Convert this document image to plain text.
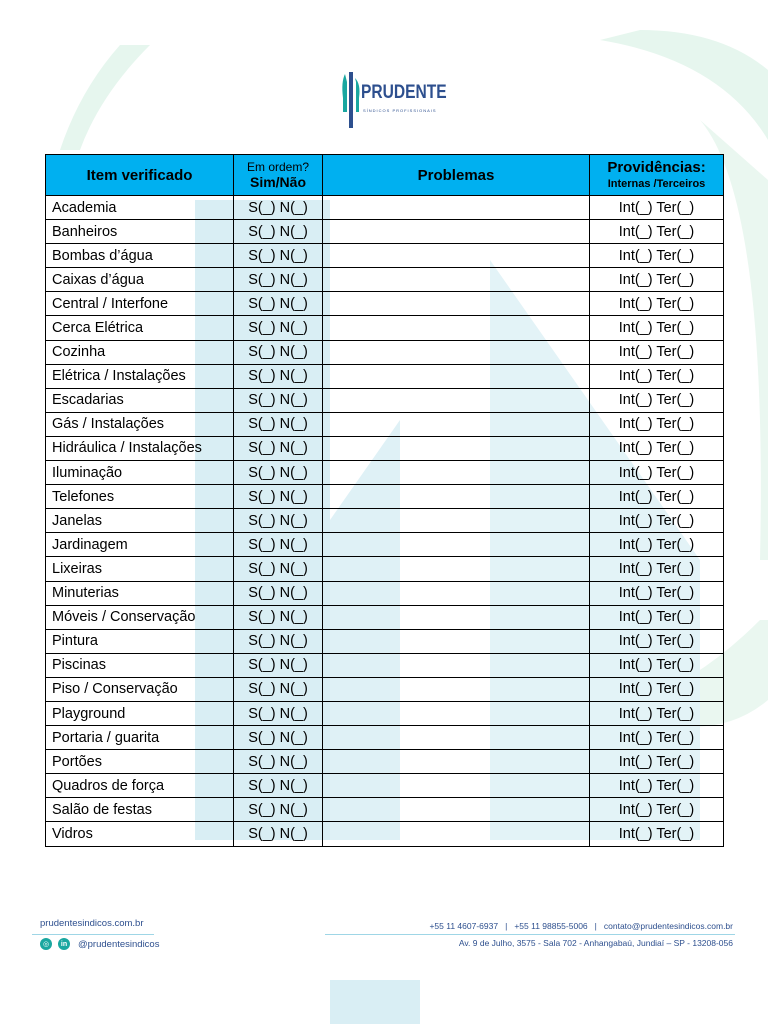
PRUDENTE
SÍNDICOS PROFISSIONAIS
Item verificado	Em ordem?
Sim/Não	Problemas	Providências:
Internas /Terceiros

Academia	S(_) N(_)		Int(_) Ter(_)
Banheiros	S(_) N(_)		Int(_) Ter(_)
Bombas d’água	S(_) N(_)		Int(_) Ter(_)
Caixas d’água	S(_) N(_)		Int(_) Ter(_)
Central / Interfone	S(_) N(_)		Int(_) Ter(_)
Cerca Elétrica	S(_) N(_)		Int(_) Ter(_)
Cozinha	S(_) N(_)		Int(_) Ter(_)
Elétrica / Instalações	S(_) N(_)		Int(_) Ter(_)
Escadarias	S(_) N(_)		Int(_) Ter(_)
Gás / Instalações	S(_) N(_)		Int(_) Ter(_)
Hidráulica / Instalações	S(_) N(_)		Int(_) Ter(_)
Iluminação	S(_) N(_)		Int(_) Ter(_)
Telefones	S(_) N(_)		Int(_) Ter(_)
Janelas	S(_) N(_)		Int(_) Ter(_)
Jardinagem	S(_) N(_)		Int(_) Ter(_)
Lixeiras	S(_) N(_)		Int(_) Ter(_)
Minuterias	S(_) N(_)		Int(_) Ter(_)
Móveis / Conservação	S(_) N(_)		Int(_) Ter(_)
Pintura	S(_) N(_)		Int(_) Ter(_)
Piscinas	S(_) N(_)		Int(_) Ter(_)
Piso / Conservação	S(_) N(_)		Int(_) Ter(_)
Playground	S(_) N(_)		Int(_) Ter(_)
Portaria / guarita	S(_) N(_)		Int(_) Ter(_)
Portões	S(_) N(_)		Int(_) Ter(_)
Quadros de força	S(_) N(_)		Int(_) Ter(_)
Salão de festas	S(_) N(_)		Int(_) Ter(_)
Vidros	S(_) N(_)		Int(_) Ter(_)
prudentesindicos.com.br
◎	in	@prudentesindicos
+55 11 4607-6937 | +55 11 98855-5006 | contato@prudentesindicos.com.br
Av. 9 de Julho, 3575 - Sala 702 - Anhangabaú, Jundiaí – SP - 13208-056
